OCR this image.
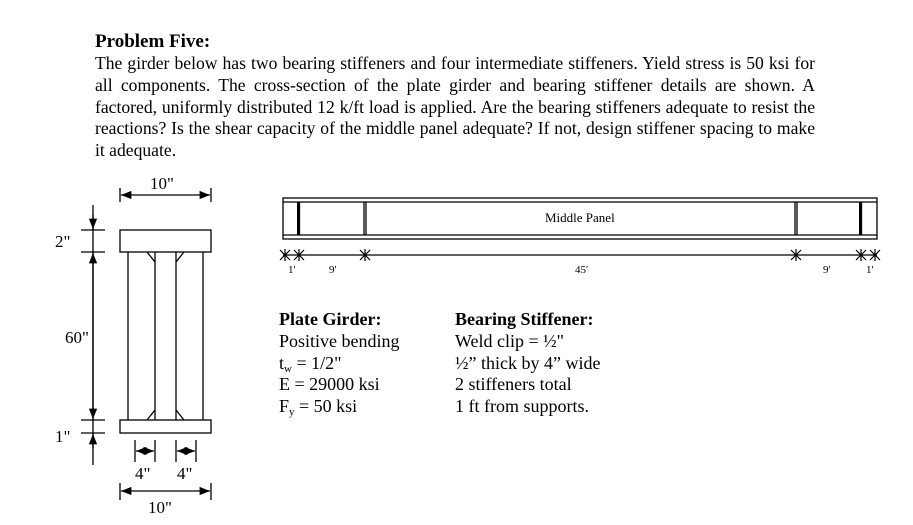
Problem Five:
The girder below has two bearing stiffeners and four intermediate stiffeners. Yield stress is 50 ksi for all components. The cross-section of the plate girder and bearing stiffener details are shown. A factored, uniformly distributed 12 k/ft load is applied. Are the bearing stiffeners adequate to resist the reactions? Is the shear capacity of the middle panel adequate? If not, design stiffener spacing to make it adequate.
10"
2"
60"
1"
4" 4"
10"
Middle Panel
1'	9'	45'	9'	1'
Plate Girder:
Positive bending
$t_w = 1/2$"
E = 29000 ksi
$F_y = 50$ ksi
Bearing Stiffener:
Weld clip = ½"
½” thick by 4” wide
2 stiffeners total
1 ft from supports.
